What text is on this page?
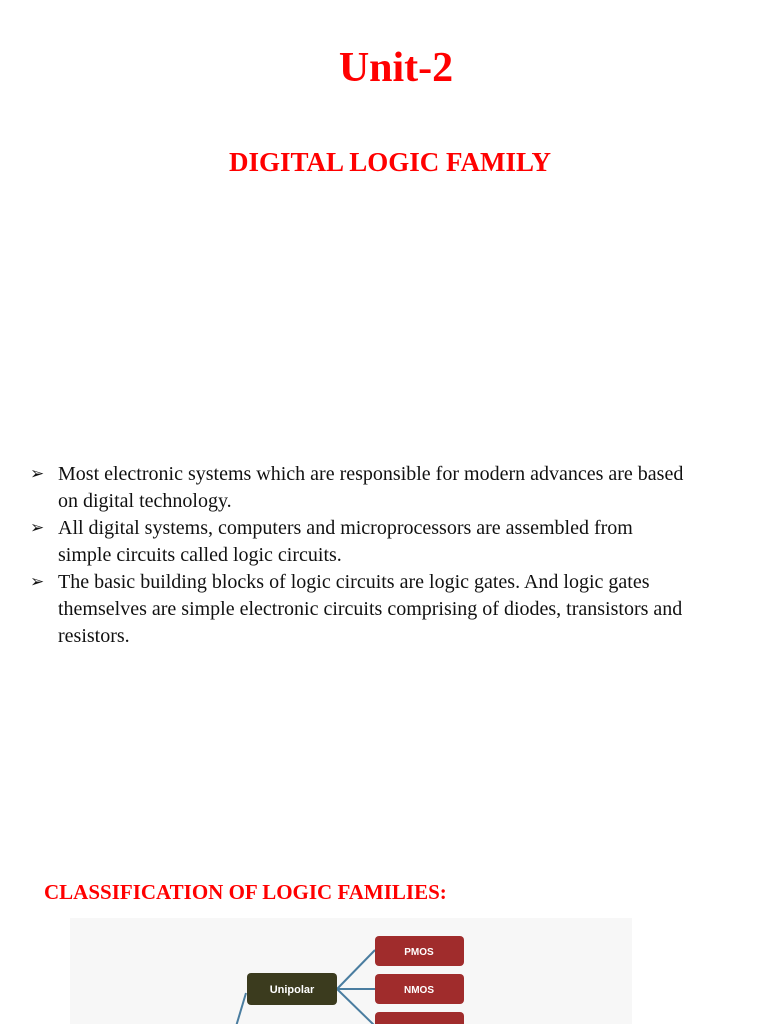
Unit-2
DIGITAL LOGIC FAMILY
➢ Most electronic systems which are responsible for modern advances are based on digital technology.
➢ All digital systems, computers and microprocessors are assembled from simple circuits called logic circuits.
➢ The basic building blocks of logic circuits are logic gates. And logic gates themselves are simple electronic circuits comprising of diodes, transistors and resistors.
CLASSIFICATION OF LOGIC FAMILIES:
Unipolar
PMOS
NMOS
